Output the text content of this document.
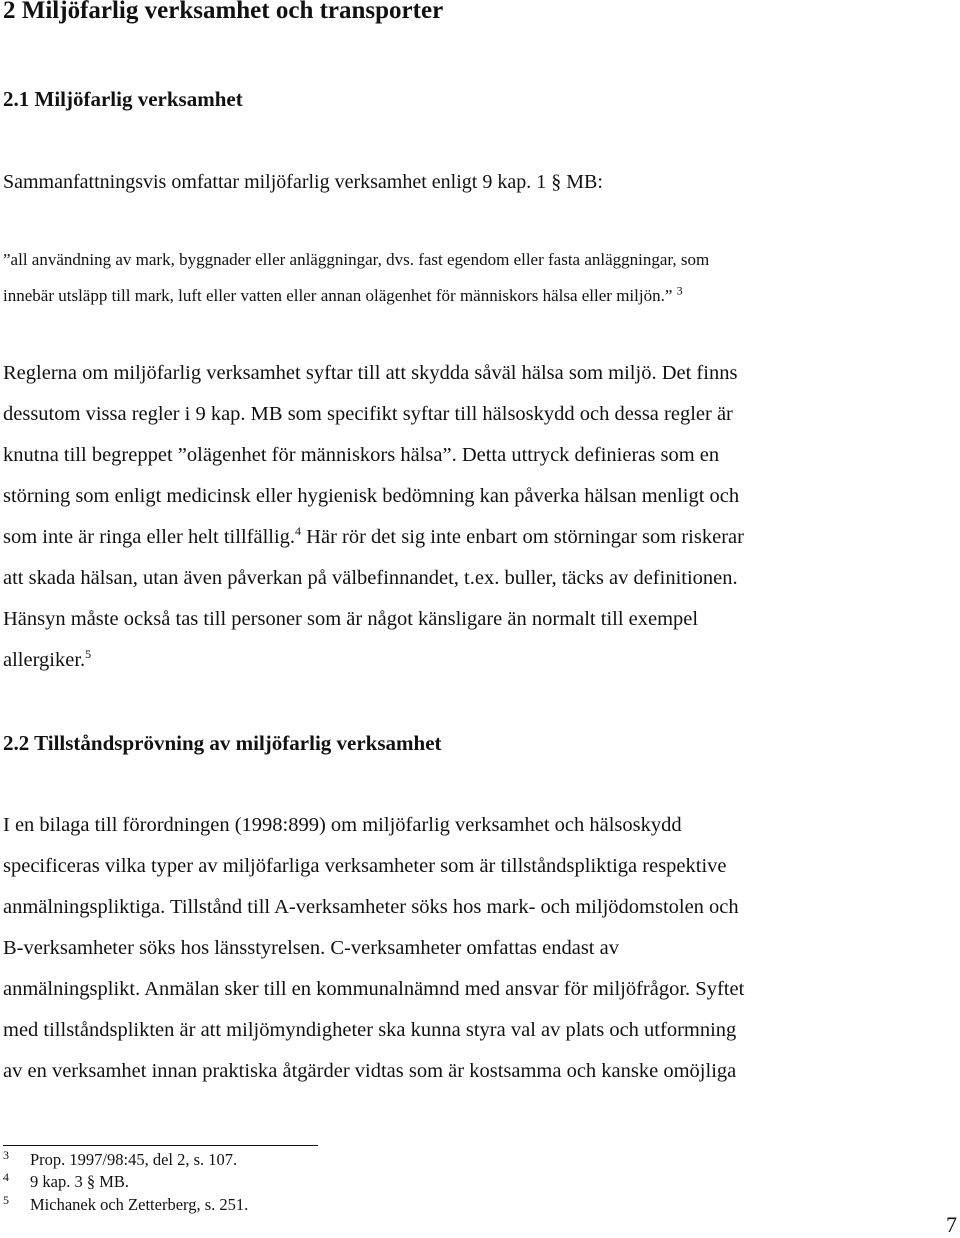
2 Miljöfarlig verksamhet och transporter
2.1 Miljöfarlig verksamhet
Sammanfattningsvis omfattar miljöfarlig verksamhet enligt 9 kap. 1 § MB:
”all användning av mark, byggnader eller anläggningar, dvs. fast egendom eller fasta anläggningar, som
innebär utsläpp till mark, luft eller vatten eller annan olägenhet för människors hälsa eller miljön.” $^3$
Reglerna om miljöfarlig verksamhet syftar till att skydda såväl hälsa som miljö. Det finns
dessutom vissa regler i 9 kap. MB som specifikt syftar till hälsoskydd och dessa regler är
knutna till begreppet ”olägenhet för människors hälsa”. Detta uttryck definieras som en
störning som enligt medicinsk eller hygienisk bedömning kan påverka hälsan menligt och
som inte är ringa eller helt tillfällig.$^4$ Här rör det sig inte enbart om störningar som riskerar
att skada hälsan, utan även påverkan på välbefinnandet, t.ex. buller, täcks av definitionen.
Hänsyn måste också tas till personer som är något känsligare än normalt till exempel
allergiker.$^5$
2.2 Tillståndsprövning av miljöfarlig verksamhet
I en bilaga till förordningen (1998:899) om miljöfarlig verksamhet och hälsoskydd
specificeras vilka typer av miljöfarliga verksamheter som är tillståndspliktiga respektive
anmälningspliktiga. Tillstånd till A-verksamheter söks hos mark- och miljödomstolen och
B-verksamheter söks hos länsstyrelsen. C-verksamheter omfattas endast av
anmälningsplikt. Anmälan sker till en kommunalnämnd med ansvar för miljöfrågor. Syftet
med tillståndsplikten är att miljömyndigheter ska kunna styra val av plats och utformning
av en verksamhet innan praktiska åtgärder vidtas som är kostsamma och kanske omöjliga
3 Prop. 1997/98:45, del 2, s. 107.
4 9 kap. 3 § MB.
5 Michanek och Zetterberg, s. 251.
7
